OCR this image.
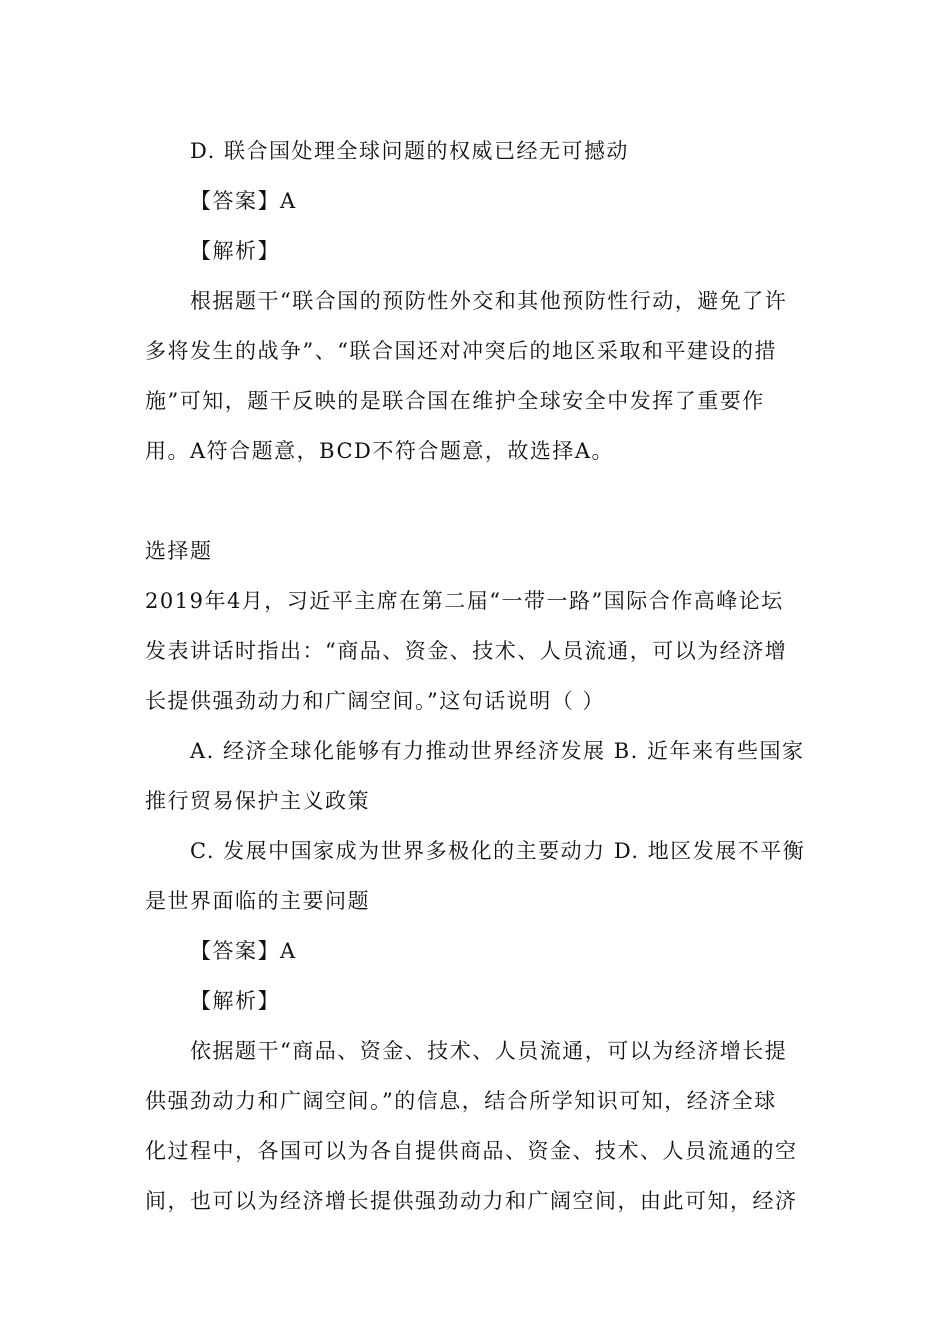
D. 联合国处理全球问题的权威已经无可撼动
【答案】A
【解析】
根据题干“联合国的预防性外交和其他预防性行动，避免了许
多将发生的战争”、“联合国还对冲突后的地区采取和平建设的措
施”可知，题干反映的是联合国在维护全球安全中发挥了重要作
用。A符合题意，BCD不符合题意，故选择A。
选择题
2019年4月，习近平主席在第二届“一带一路”国际合作高峰论坛
发表讲话时指出：“商品、资金、技术、人员流通，可以为经济增
长提供强劲动力和广阔空间。”这句话说明（ ）
A. 经济全球化能够有力推动世界经济发展 B. 近年来有些国家
推行贸易保护主义政策
C. 发展中国家成为世界多极化的主要动力 D. 地区发展不平衡
是世界面临的主要问题
【答案】A
【解析】
依据题干“商品、资金、技术、人员流通，可以为经济增长提
供强劲动力和广阔空间。”的信息，结合所学知识可知，经济全球
化过程中，各国可以为各自提供商品、资金、技术、人员流通的空
间，也可以为经济增长提供强劲动力和广阔空间，由此可知，经济
